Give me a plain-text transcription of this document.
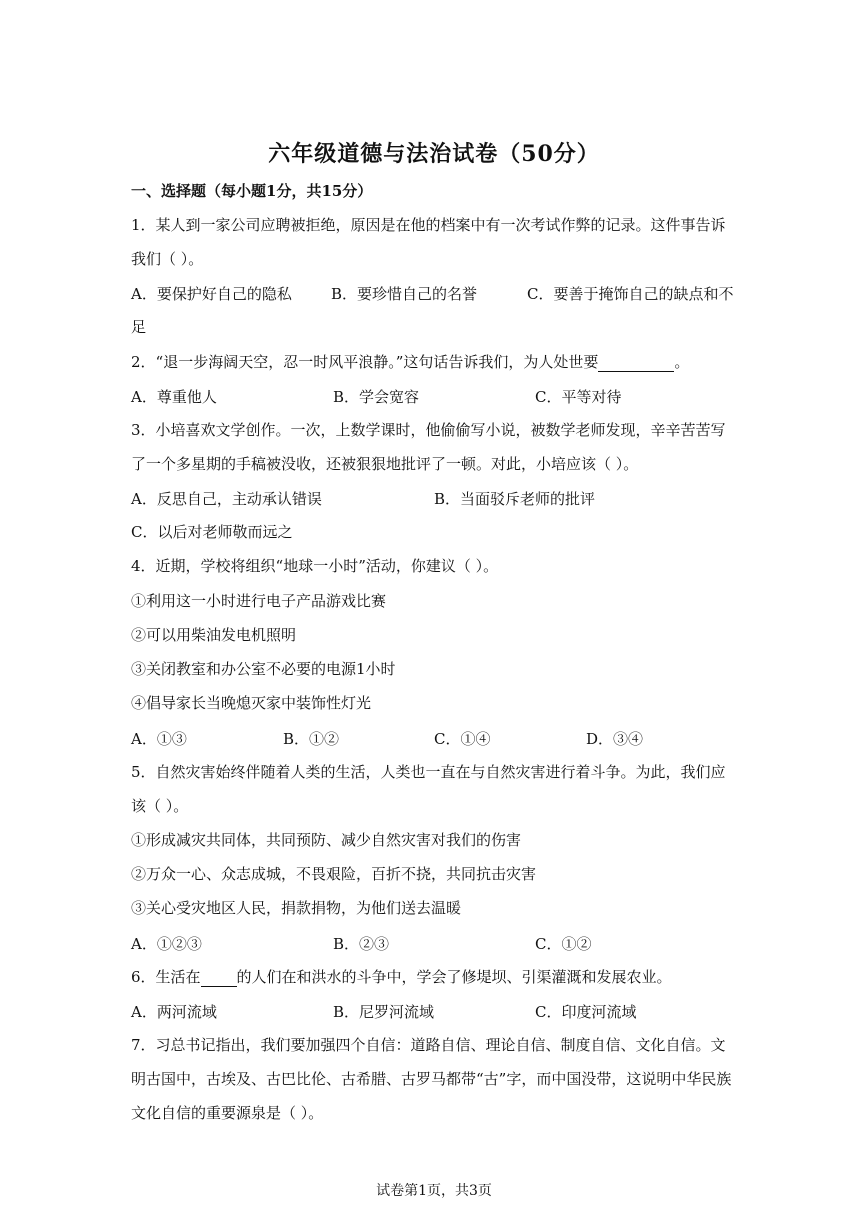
六年级道德与法治试卷（50分）
一、选择题（每小题1分，共15分）
1．某人到一家公司应聘被拒绝，原因是在他的档案中有一次考试作弊的记录。这件事告诉
我们（ ）。
A．要保护好自己的隐私	B．要珍惜自己的名誉	C．要善于掩饰自己的缺点和不
足
2．“退一步海阔天空，忍一时风平浪静。”这句话告诉我们，为人处世要	。
A．尊重他人	B．学会宽容	C．平等对待
3．小培喜欢文学创作。一次，上数学课时，他偷偷写小说，被数学老师发现，辛辛苦苦写
了一个多星期的手稿被没收，还被狠狠地批评了一顿。对此，小培应该（ ）。
A．反思自己，主动承认错误	B．当面驳斥老师的批评
C．以后对老师敬而远之
4．近期，学校将组织“地球一小时”活动，你建议（ ）。
①利用这一小时进行电子产品游戏比赛
②可以用柴油发电机照明
③关闭教室和办公室不必要的电源1小时
④倡导家长当晚熄灭家中装饰性灯光
A．①③	B．①②	C．①④	D．③④
5．自然灾害始终伴随着人类的生活，人类也一直在与自然灾害进行着斗争。为此，我们应
该（ ）。
①形成减灾共同体，共同预防、减少自然灾害对我们的伤害
②万众一心、众志成城，不畏艰险，百折不挠，共同抗击灾害
③关心受灾地区人民，捐款捐物，为他们送去温暖
A．①②③	B．②③	C．①②
6．生活在 的人们在和洪水的斗争中，学会了修堤坝、引渠灌溉和发展农业。
A．两河流域	B．尼罗河流域	C．印度河流域
7．习总书记指出，我们要加强四个自信：道路自信、理论自信、制度自信、文化自信。文
明古国中，古埃及、古巴比伦、古希腊、古罗马都带“古”字，而中国没带，这说明中华民族
文化自信的重要源泉是（ ）。
试卷第1页，共3页
